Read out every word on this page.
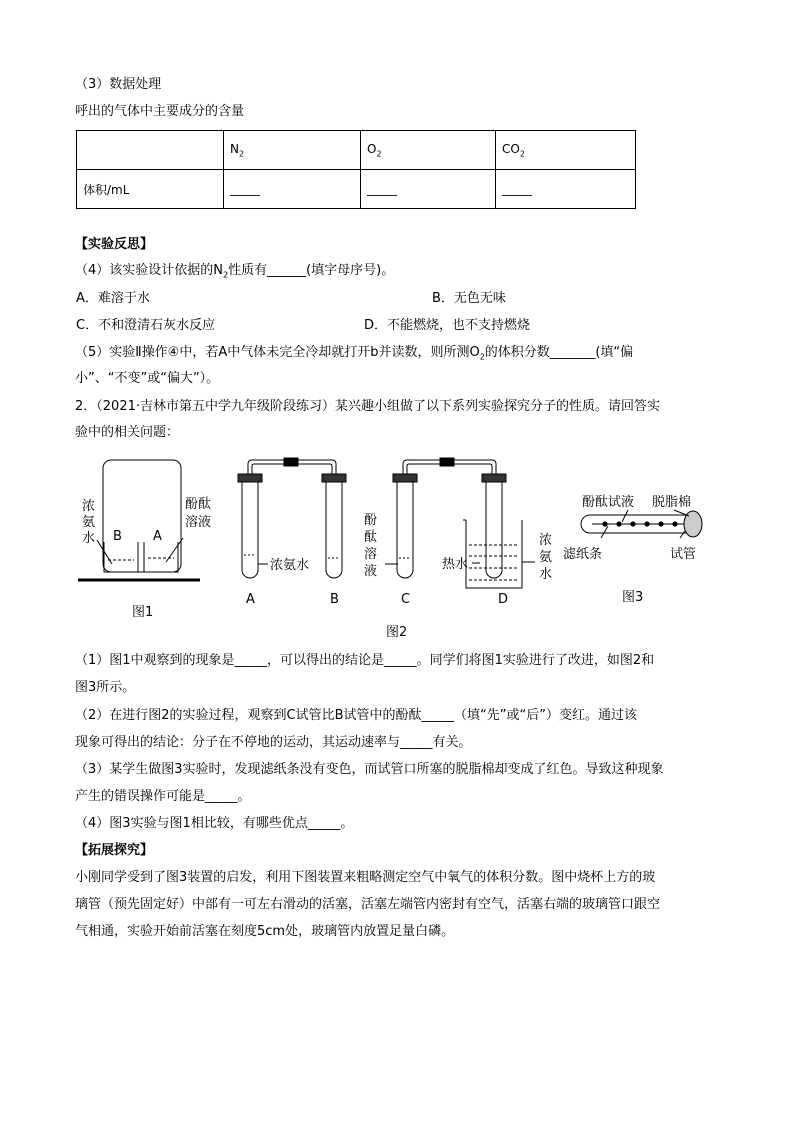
（3）数据处理
呼出的气体中主要成分的含量
	$N_2$	$O_2$	$CO_2$
体积/mL	_____	_____	_____
【实验反思】
（4）该实验设计依据的$N_2$性质有______(填字母序号)。
A．难溶于水	B．无色无味
C．不和澄清石灰水反应	D．不能燃烧，也不支持燃烧
（5）实验Ⅱ操作④中，若A中气体未完全冷却就打开b并读数，则所测$O_2$的体积分数_______(填“偏
小”、“不变”或“偏大”）。
2．（2021·吉林市第五中学九年级阶段练习）某兴趣小组做了以下系列实验探究分子的性质。请回答实
验中的相关问题：
浓
氨
水
酚酞
溶液
B A
图1
浓氨水
酚
酞
溶
液	热水
浓
氨
水
A	B	C	D
图2
酚酞试液 脱脂棉
滤纸条	试管
图3
（1）图1中观察到的现象是_____，可以得出的结论是_____。同学们将图1实验进行了改进，如图2和
图3所示。
（2）在进行图2的实验过程，观察到C试管比B试管中的酚酞_____（填“先”或“后”）变红。通过该
现象可得出的结论：分子在不停地的运动，其运动速率与_____有关。
（3）某学生做图3实验时，发现滤纸条没有变色，而试管口所塞的脱脂棉却变成了红色。导致这种现象
产生的错误操作可能是_____。
（4）图3实验与图1相比较，有哪些优点_____。
【拓展探究】
小刚同学受到了图3装置的启发，利用下图装置来粗略测定空气中氧气的体积分数。图中烧杯上方的玻
璃管（预先固定好）中部有一可左右滑动的活塞，活塞左端管内密封有空气，活塞右端的玻璃管口跟空
气相通，实验开始前活塞在刻度5cm处，玻璃管内放置足量白磷。
